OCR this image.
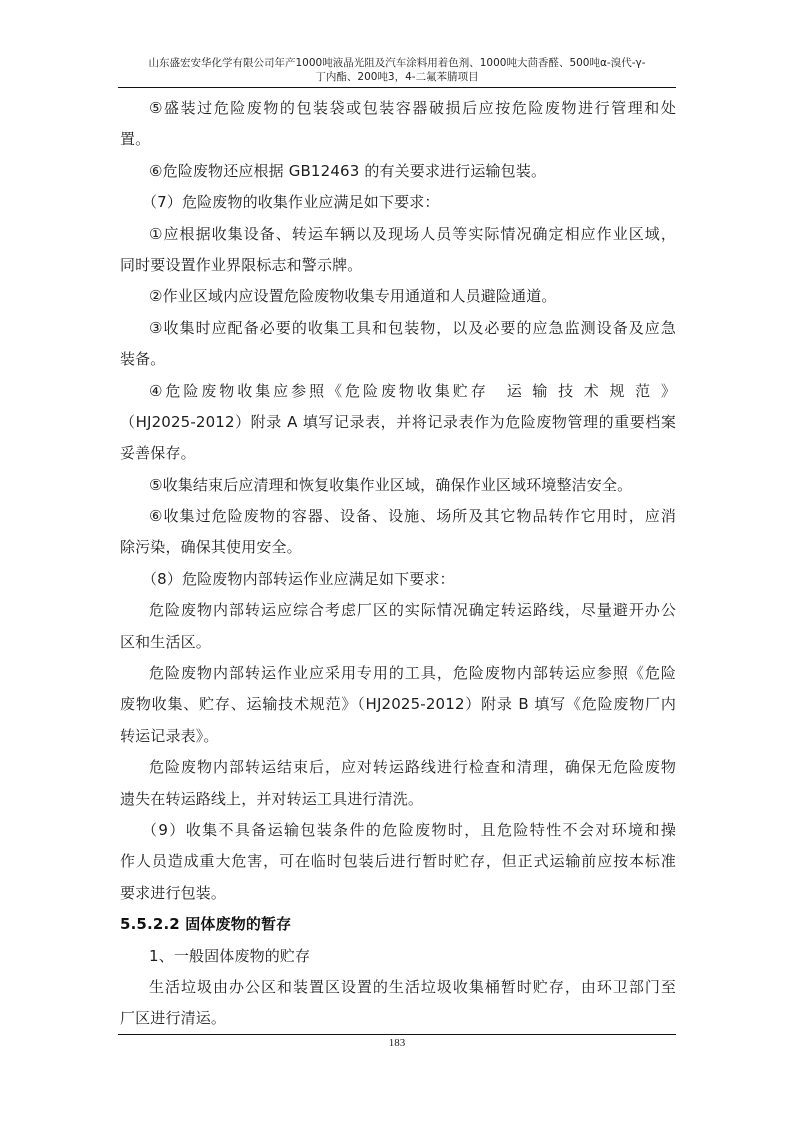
山东盛宏安华化学有限公司年产1000吨液晶光阻及汽车涂料用着色剂、1000吨大茴香醛、500吨α-溴代-γ-
丁内酯、200吨3，4-二氟苯腈项目
⑤盛装过危险废物的包装袋或包装容器破损后应按危险废物进行管理和处
置。
⑥危险废物还应根据 GB12463 的有关要求进行运输包装。
（7）危险废物的收集作业应满足如下要求：
①应根据收集设备、转运车辆以及现场人员等实际情况确定相应作业区域，
同时要设置作业界限标志和警示牌。
②作业区域内应设置危险废物收集专用通道和人员避险通道。
③收集时应配备必要的收集工具和包装物，以及必要的应急监测设备及应急
装备。
④危险废物收集应参照《危险废物收集贮存　运 输 技 术 规 范 》
（HJ2025-2012）附录 A 填写记录表，并将记录表作为危险废物管理的重要档案
妥善保存。
⑤收集结束后应清理和恢复收集作业区域，确保作业区域环境整洁安全。
⑥收集过危险废物的容器、设备、设施、场所及其它物品转作它用时，应消
除污染，确保其使用安全。
（8）危险废物内部转运作业应满足如下要求：
危险废物内部转运应综合考虑厂区的实际情况确定转运路线，尽量避开办公
区和生活区。
危险废物内部转运作业应采用专用的工具，危险废物内部转运应参照《危险
废物收集、贮存、运输技术规范》（HJ2025-2012）附录 B 填写《危险废物厂内
转运记录表》。
危险废物内部转运结束后，应对转运路线进行检查和清理，确保无危险废物
遗失在转运路线上，并对转运工具进行清洗。
（9）收集不具备运输包装条件的危险废物时，且危险特性不会对环境和操
作人员造成重大危害，可在临时包装后进行暂时贮存，但正式运输前应按本标准
要求进行包装。
5.5.2.2 固体废物的暂存
1、一般固体废物的贮存
生活垃圾由办公区和装置区设置的生活垃圾收集桶暂时贮存，由环卫部门至
厂区进行清运。
183
